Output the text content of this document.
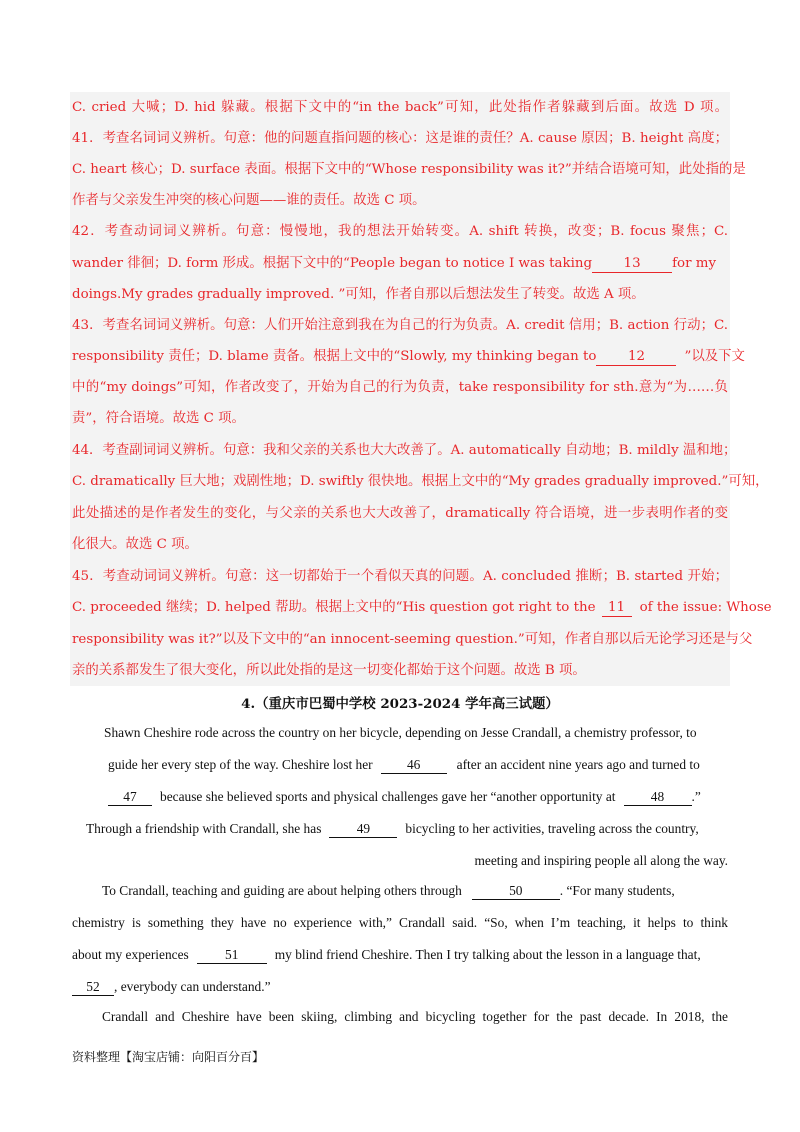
C. cried 大喊；D. hid 躲藏。根据下文中的“in the back”可知，此处指作者躲藏到后面。故选 D 项。
41．考查名词词义辨析。句意：他的问题直指问题的核心：这是谁的责任？A. cause 原因；B. height 高度；
C. heart 核心；D. surface 表面。根据下文中的“Whose responsibility was it?”并结合语境可知，此处指的是
作者与父亲发生冲突的核心问题——谁的责任。故选 C 项。
42．考查动词词义辨析。句意：慢慢地，我的想法开始转变。A. shift 转换，改变；B. focus 聚焦；C.
wander 徘徊；D. form 形成。根据下文中的“People began to notice I was taking 13 for my
doings.My grades gradually improved. ”可知，作者自那以后想法发生了转变。故选 A 项。
43．考查名词词义辨析。句意：人们开始注意到我在为自己的行为负责。A. credit 信用；B. action 行动；C.
responsibility 责任；D. blame 责备。根据上文中的“Slowly, my thinking began to 12	”以及下文
中的“my doings”可知，作者改变了，开始为自己的行为负责，take responsibility for sth.意为“为……负
责”，符合语境。故选 C 项。
44．考查副词词义辨析。句意：我和父亲的关系也大大改善了。A. automatically 自动地；B. mildly 温和地；
C. dramatically 巨大地；戏剧性地；D. swiftly 很快地。根据上文中的“My grades gradually improved.”可知，
此处描述的是作者发生的变化，与父亲的关系也大大改善了，dramatically 符合语境，进一步表明作者的变
化很大。故选 C 项。
45．考查动词词义辨析。句意：这一切都始于一个看似天真的问题。A. concluded 推断；B. started 开始；
C. proceeded 继续；D. helped 帮助。根据上文中的“His question got right to the 11 of the issue: Whose
responsibility was it?”以及下文中的“an innocent-seeming question.”可知，作者自那以后无论学习还是与父
亲的关系都发生了很大变化，所以此处指的是这一切变化都始于这个问题。故选 B 项。
4.（重庆市巴蜀中学校 2023-2024 学年高三试题）
Shawn Cheshire rode across the country on her bicycle, depending on Jesse Crandall, a chemistry professor, to
guide her every step of the way. Cheshire lost her	46	after an accident nine years ago and turned to
47 because she believed sports and physical challenges gave her “another opportunity at	48 .”
Through a friendship with Crandall, she has	49	bicycling to her activities, traveling across the country,
meeting and inspiring people all along the way.
To Crandall, teaching and guiding are about helping others through	50	. “For many students,
chemistry is something they have no experience with,” Crandall said. “So, when I’m teaching, it helps to think
about my experiences	51	my blind friend Cheshire. Then I try talking about the lesson in a language that,
52 , everybody can understand.”
Crandall and Cheshire have been skiing, climbing and bicycling together for the past decade. In 2018, the
资料整理【淘宝店铺：向阳百分百】
